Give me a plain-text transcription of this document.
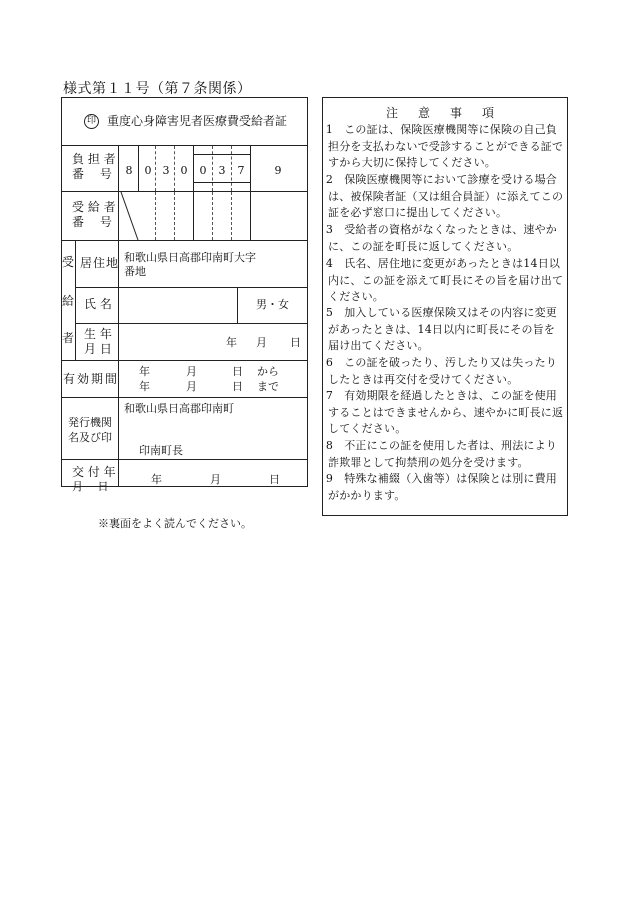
様式第１１号（第７条関係）
印 重度心身障害児者医療費受給者証
負 担 者
番　 号	8	0	3	0	0	3	7	9
受 給 者
番　 号
受
給
者
居住地 和歌山県日高郡印南町大字
番地
氏 名	男・女
生 年
月 日	年 月 日
有効期間
年	月	日 から
年	月	日 まで
発行機関
名及び印
和歌山県日高郡印南町
印南町長
交 付 年
月　 日
年	月	日
注意事項
1　この証は、保険医療機関等に保険の自己負担分を支払わないで受診することができる証ですから大切に保持してください。
2　保険医療機関等において診療を受ける場合は、被保険者証（又は組合員証）に添えてこの証を必ず窓口に提出してください。
3　受給者の資格がなくなったときは、速やかに、この証を町長に返してください。
4　氏名、居住地に変更があったときは14日以内に、この証を添えて町長にその旨を届け出てください。
5　加入している医療保険又はその内容に変更があったときは、14日以内に町長にその旨を届け出てください。
6　この証を破ったり、汚したり又は失ったりしたときは再交付を受けてください。
7　有効期限を経過したときは、この証を使用することはできませんから、速やかに町長に返してください。
8　不正にこの証を使用した者は、刑法により詐欺罪として拘禁刑の処分を受けます。
9　特殊な補綴（入歯等）は保険とは別に費用がかかります。
※裏面をよく読んでください。
